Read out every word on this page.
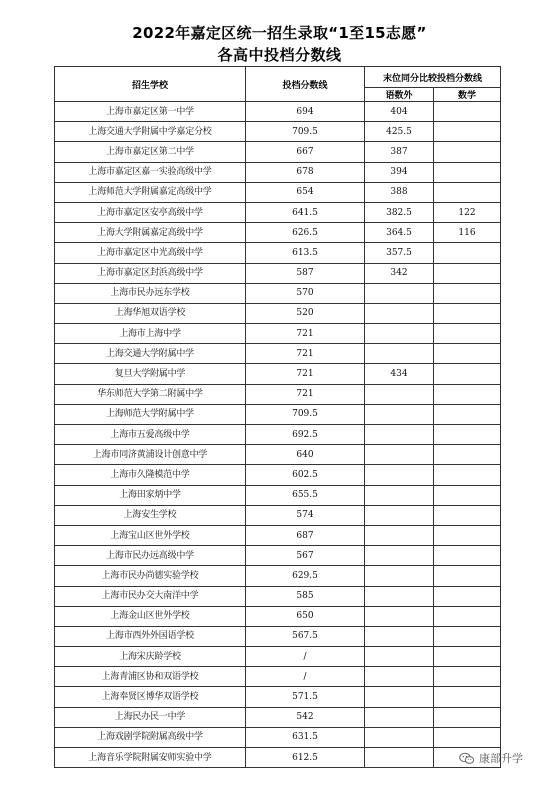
2022年嘉定区统一招生录取“1至15志愿”
各高中投档分数线
招生学校	投档分数线	末位同分比较投档分数线	
		语数外	数学
上海市嘉定区第一中学	694	404	
上海交通大学附属中学嘉定分校	709.5	425.5	
上海市嘉定区第二中学	667	387	
上海市嘉定区嘉一实验高级中学	678	394	
上海师范大学附属嘉定高级中学	654	388	
上海市嘉定区安亭高级中学	641.5	382.5	122
上海大学附属嘉定高级中学	626.5	364.5	116
上海市嘉定区中光高级中学	613.5	357.5	
上海市嘉定区封浜高级中学	587	342	
上海市民办远东学校	570		
上海华旭双语学校	520		
上海市上海中学	721		
上海交通大学附属中学	721		
复旦大学附属中学	721	434	
华东师范大学第二附属中学	721		
上海师范大学附属中学	709.5		
上海市五爱高级中学	692.5		
上海市同济黄浦设计创意中学	640		
上海市久隆模范中学	602.5		
上海田家炳中学	655.5		
上海安生学校	574		
上海宝山区世外学校	687		
上海市民办远高级中学	567		
上海市民办尚德实验学校	629.5		
上海市民办交大南洋中学	585		
上海金山区世外学校	650		
上海市西外外国语学校	567.5		
上海宋庆龄学校	/		
上海青浦区协和双语学校	/		
上海奉贤区博华双语学校	571.5		
上海民办民一中学	542		
上海戏剧学院附属高级中学	631.5		
上海音乐学院附属安师实验中学	612.5			康部升学
